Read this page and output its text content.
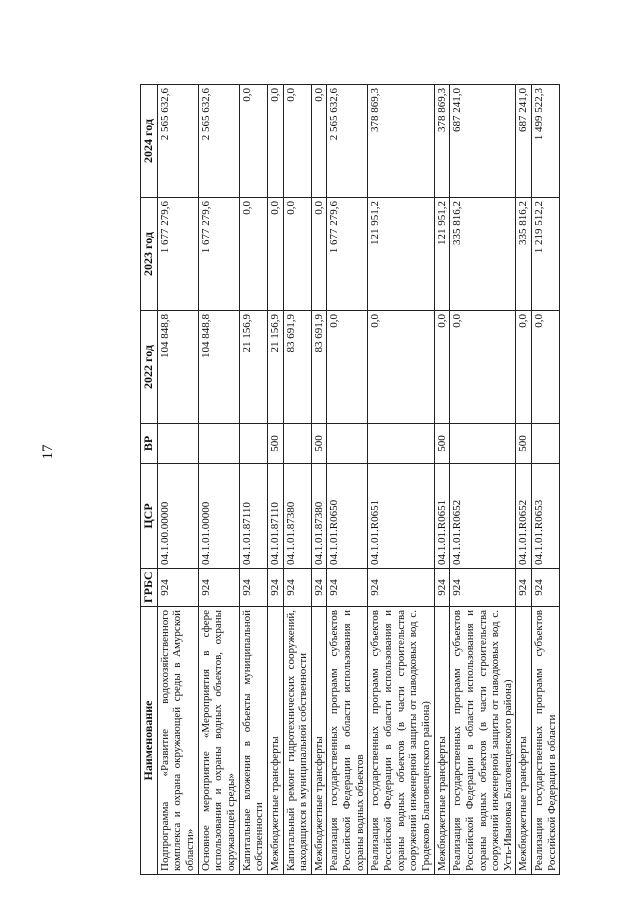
17
Наименование	ГРБС	ЦСР	ВР	2022 год	2023 год	2024 год
Подпрограмма «Развитие водохозяйственного комплекса и охрана окружающей среды в Амурской области»	924	04.1.00.00000		104 848,8	1 677 279,6	2 565 632,6
Основное мероприятие «Мероприятия в сфере использования и охраны водных объектов, охраны окружающей среды»	924	04.1.01.00000		104 848,8	1 677 279,6	2 565 632,6
Капитальные вложения в объекты муниципальной собственности	924	04.1.01.87110		21 156,9	0,0	0,0
Межбюджетные трансферты	924	04.1.01.87110	500	21 156,9	0,0	0,0
Капитальный ремонт гидротехнических сооружений, находящихся в муниципальной собственности	924	04.1.01.87380		83 691,9	0,0	0,0
Межбюджетные трансферты	924	04.1.01.87380	500	83 691,9	0,0	0,0
Реализация государственных программ субъектов Российской Федерации в области использования и охраны водных объектов	924	04.1.01.R0650		0,0	1 677 279,6	2 565 632,6
Реализация государственных программ субъектов Российской Федерации в области использования и охраны водных объектов (в части строительства сооружений инженерной защиты от паводковых вод с. Гродеково Благовещенского района)	924	04.1.01.R0651		0,0	121 951,2	378 869,3
Межбюджетные трансферты	924	04.1.01.R0651	500	0,0	121 951,2	378 869,3
Реализация государственных программ субъектов Российской Федерации в области использования и охраны водных объектов (в части строительства сооружений инженерной защиты от паводковых вод с. Усть-Ивановка Благовещенского района)	924	04.1.01.R0652		0,0	335 816,2	687 241,0
Межбюджетные трансферты	924	04.1.01.R0652	500	0,0	335 816,2	687 241,0
Реализация государственных программ субъектов Российской Федерации в области	924	04.1.01.R0653		0,0	1 219 512,2	1 499 522,3
